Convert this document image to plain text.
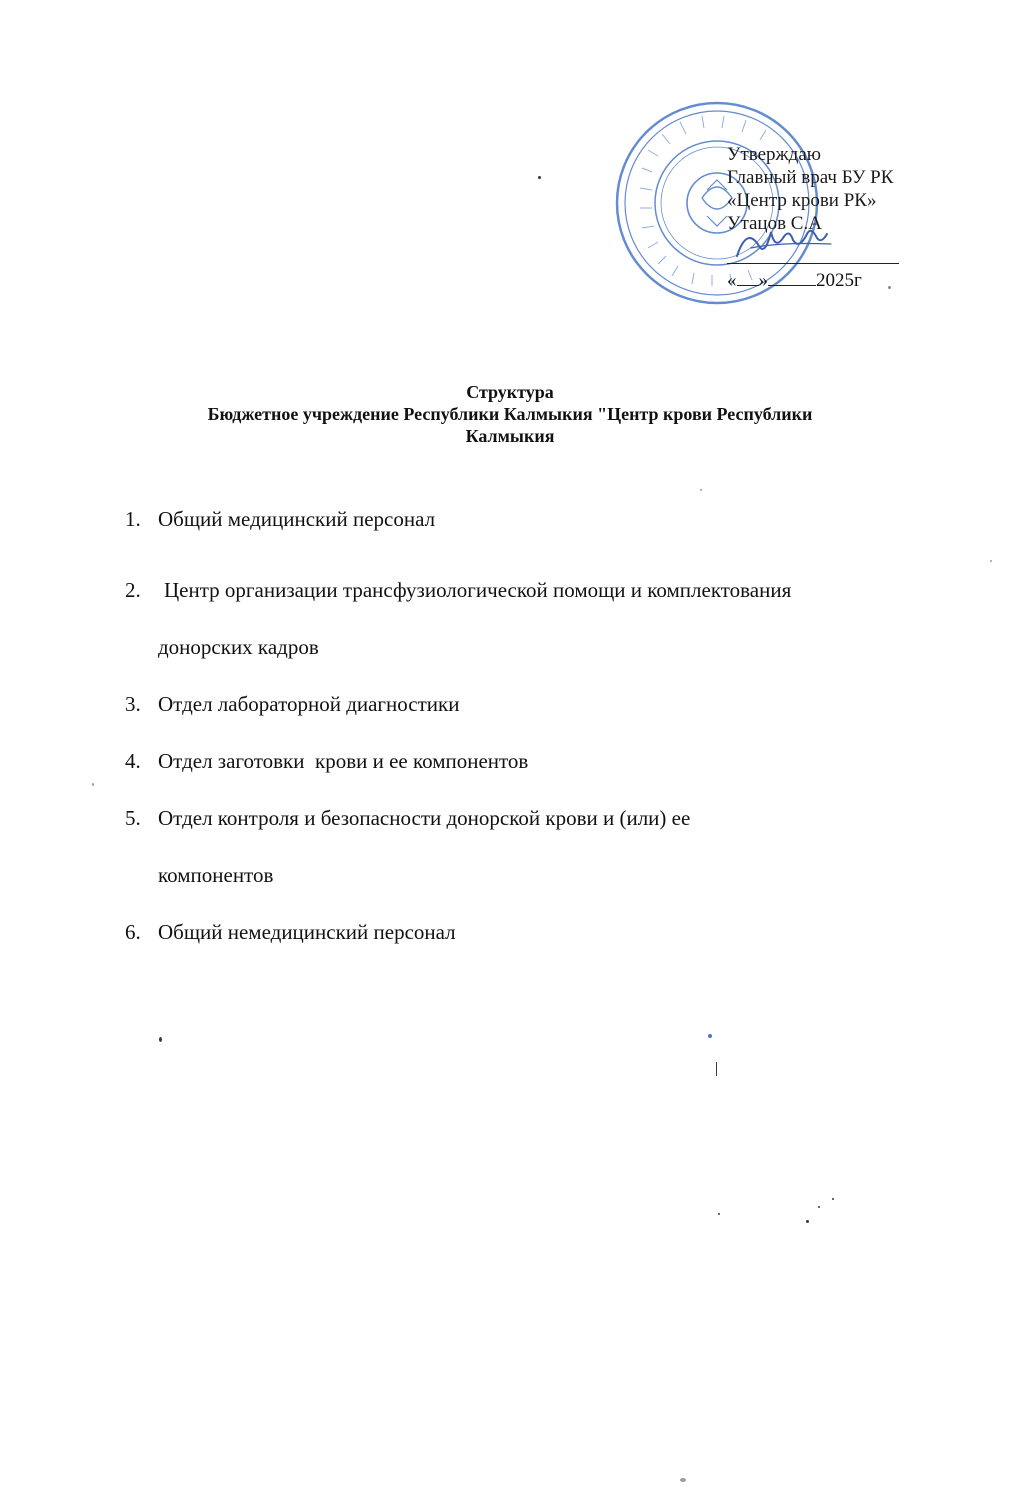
Утверждаю
Главный врач БУ РК
«Центр крови РК»
Утацов С.А
« »	2025г
Структура
Бюджетное учреждение Республики Калмыкия "Центр крови Республики
Калмыкия
1. Общий медицинский персонал
2. Центр организации трансфузиологической помощи и комплектования
донорских кадров
3. Отдел лабораторной диагностики
4. Отдел заготовки  крови и ее компонентов
5. Отдел контроля и безопасности донорской крови и (или) ее
компонентов
6. Общий немедицинский персонал
